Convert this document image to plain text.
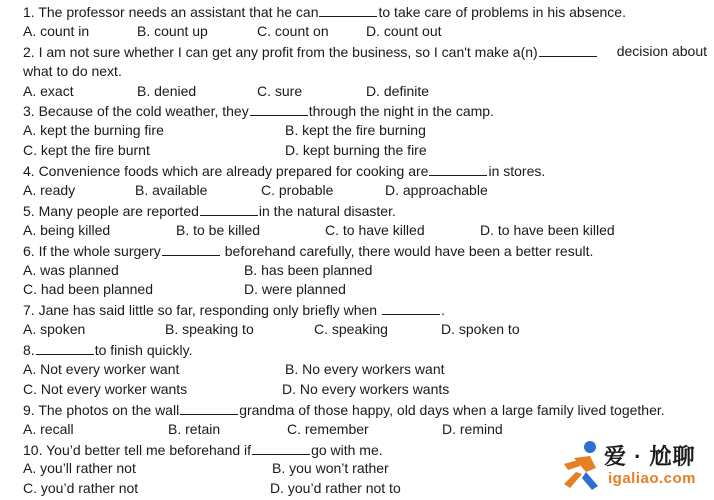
1. The professor needs an assistant that he can	to take care of problems in his absence.
A. count in	B. count up	C. count on	D. count out
2. I am not sure whether I can get any profit from the business, so I can't make a(n)	decision about
what to do next.
A. exact	B. denied	C. sure	D. definite
3. Because of the cold weather, they	through the night in the camp.
A. kept the burning fire	B. kept the fire burning
C. kept the fire burnt	D. kept burning the fire
4. Convenience foods which are already prepared for cooking are	in stores.
A. ready	B. available	C. probable	D. approachable
5. Many people are reported	in the natural disaster.
A. being killed	B. to be killed	C. to have killed	D. to have been killed
6. If the whole surgery	beforehand carefully, there would have been a better result.
A. was planned	B. has been planned
C. had been planned	D. were planned
7. Jane has said little so far, responding only briefly when	.
A. spoken	B. speaking to	C. speaking	D. spoken to
8.	to finish quickly.
A. Not every worker want	B. No every workers want
C. Not every worker wants	D. No every workers wants
9. The photos on the wall	grandma of those happy, old days when a large family lived together.
A. recall	B. retain	C. remember	D. remind
10. You’d better tell me beforehand if	go with me.
A. you’ll rather not	B. you won’t rather
C. you’d rather not	D. you’d rather not to
爱 · 尬聊
igaliao.com
